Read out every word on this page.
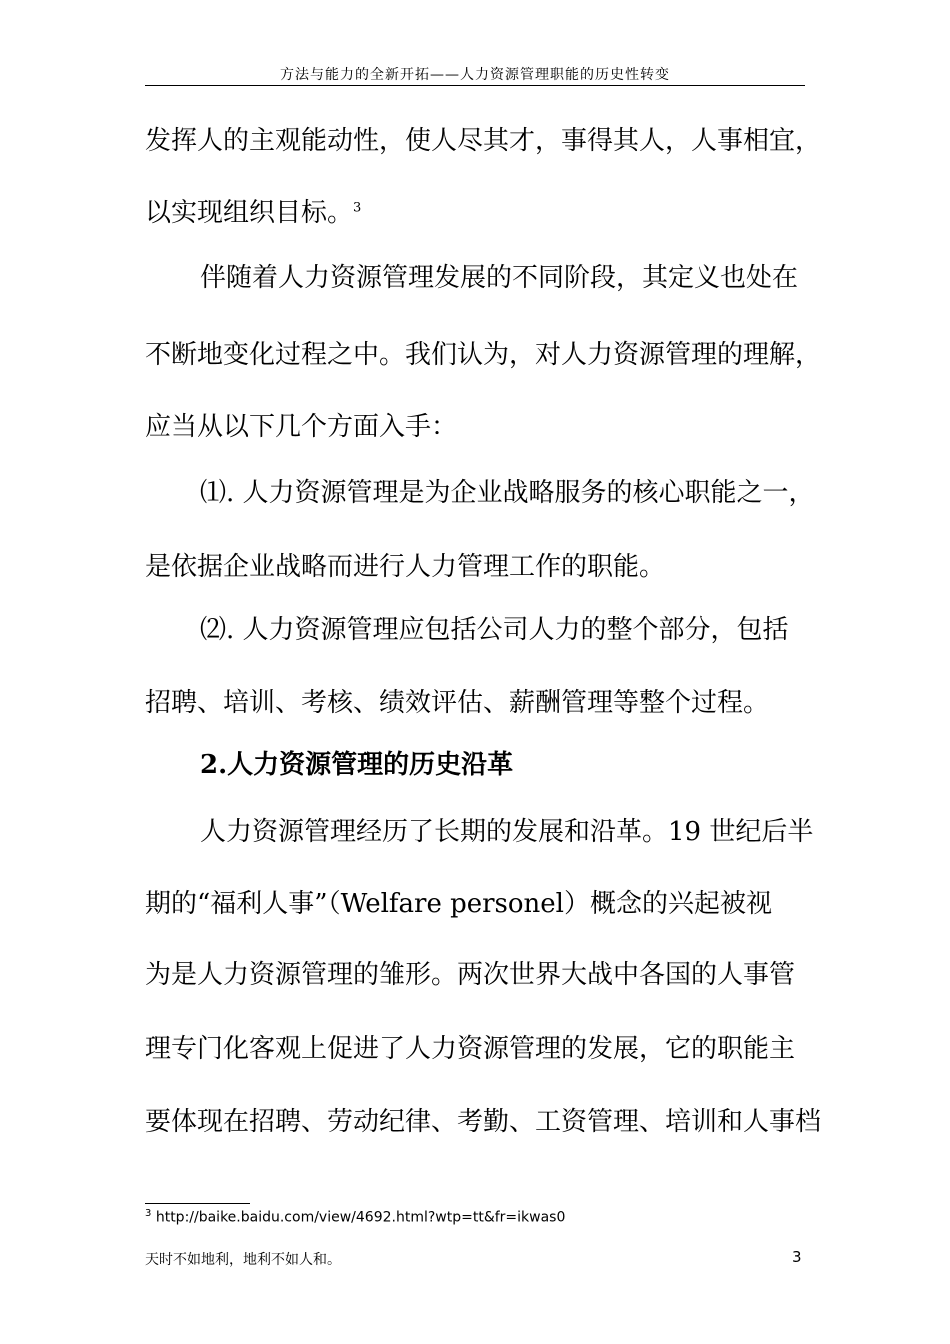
方法与能力的全新开拓——人力资源管理职能的历史性转变
发挥人的主观能动性，使人尽其才，事得其人，人事相宜，
以实现组织目标。$^3$
伴随着人力资源管理发展的不同阶段，其定义也处在
不断地变化过程之中。我们认为，对人力资源管理的理解，
应当从以下几个方面入手：
⑴. 人力资源管理是为企业战略服务的核心职能之一，
是依据企业战略而进行人力管理工作的职能。
⑵. 人力资源管理应包括公司人力的整个部分，包括
招聘、培训、考核、绩效评估、薪酬管理等整个过程。
2.人力资源管理的历史沿革
人力资源管理经历了长期的发展和沿革。19 世纪后半
期的“福利人事”（Welfare personel）概念的兴起被视
为是人力资源管理的雏形。两次世界大战中各国的人事管
理专门化客观上促进了人力资源管理的发展，它的职能主
要体现在招聘、劳动纪律、考勤、工资管理、培训和人事档
$^3$ http://baike.baidu.com/view/4692.html?wtp=tt&fr=ikwas0
天时不如地利，地利不如人和。	3
